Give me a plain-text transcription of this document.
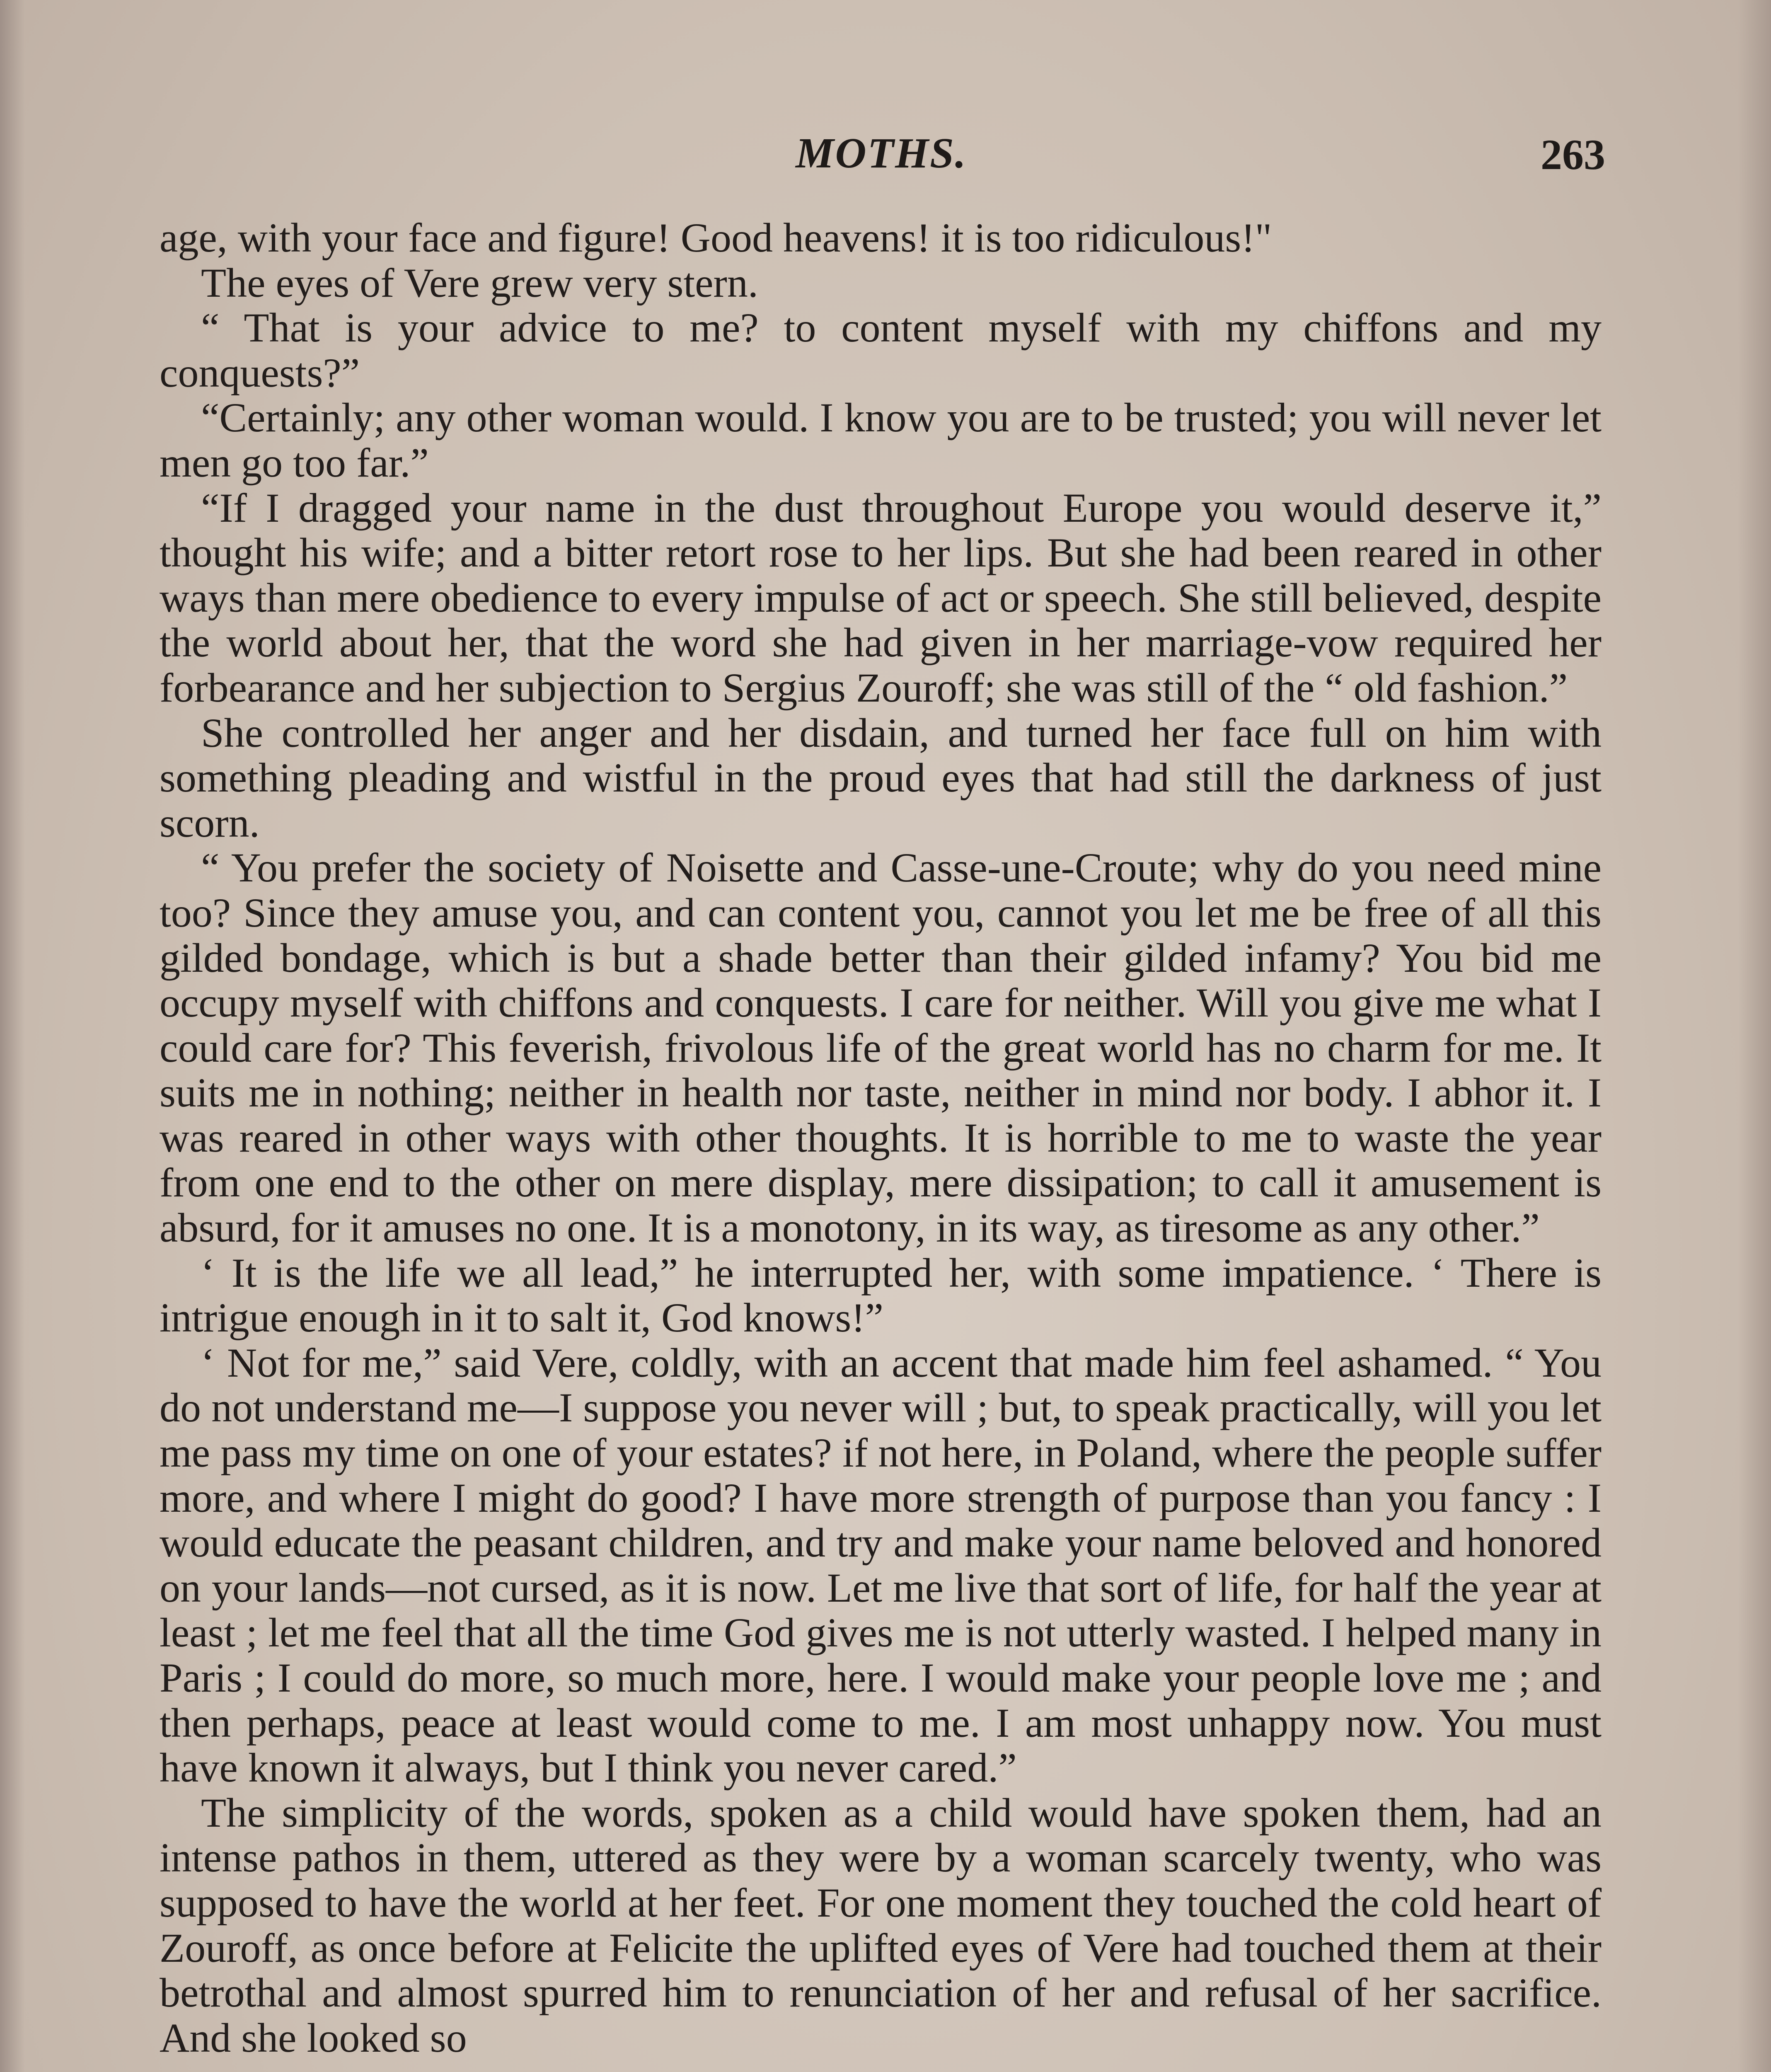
MOTHS.	263

age, with your face and figure! Good heavens! it is too ridiculous!"

The eyes of Vere grew very stern.

“ That is your advice to me? to content myself with my chiffons and my conquests?”

“Certainly; any other woman would. I know you are to be trusted; you will never let men go too far.”

“If I dragged your name in the dust throughout Europe you would deserve it,” thought his wife; and a bitter retort rose to her lips. But she had been reared in other ways than mere obedience to every impulse of act or speech. She still believed, despite the world about her, that the word she had given in her marriage-vow required her forbearance and her subjection to Sergius Zouroff; she was still of the “ old fashion.”

She controlled her anger and her disdain, and turned her face full on him with something pleading and wistful in the proud eyes that had still the darkness of just scorn.

“ You prefer the society of Noisette and Casse-une-Croute; why do you need mine too? Since they amuse you, and can content you, cannot you let me be free of all this gilded bondage, which is but a shade better than their gilded infamy? You bid me occupy myself with chiffons and conquests. I care for neither. Will you give me what I could care for? This feverish, frivolous life of the great world has no charm for me. It suits me in nothing; neither in health nor taste, neither in mind nor body. I abhor it. I was reared in other ways with other thoughts. It is horrible to me to waste the year from one end to the other on mere display, mere dissipation; to call it amusement is absurd, for it amuses no one. It is a monotony, in its way, as tiresome as any other.”

‘ It is the life we all lead,” he interrupted her, with some impatience. ‘ There is intrigue enough in it to salt it, God knows!”

‘ Not for me,” said Vere, coldly, with an accent that made him feel ashamed. “ You do not understand me—I suppose you never will ; but, to speak practically, will you let me pass my time on one of your estates? if not here, in Poland, where the people suffer more, and where I might do good? I have more strength of purpose than you fancy : I would educate the peasant children, and try and make your name beloved and honored on your lands—not cursed, as it is now. Let me live that sort of life, for half the year at least ; let me feel that all the time God gives me is not utterly wasted. I helped many in Paris ; I could do more, so much more, here. I would make your people love me ; and then perhaps, peace at least would come to me. I am most unhappy now. You must have known it always, but I think you never cared.”

The simplicity of the words, spoken as a child would have spoken them, had an intense pathos in them, uttered as they were by a woman scarcely twenty, who was supposed to have the world at her feet. For one moment they touched the cold heart of Zouroff, as once before at Felicite the uplifted eyes of Vere had touched them at their betrothal and almost spurred him to renunciation of her and refusal of her sacrifice. And she looked so
